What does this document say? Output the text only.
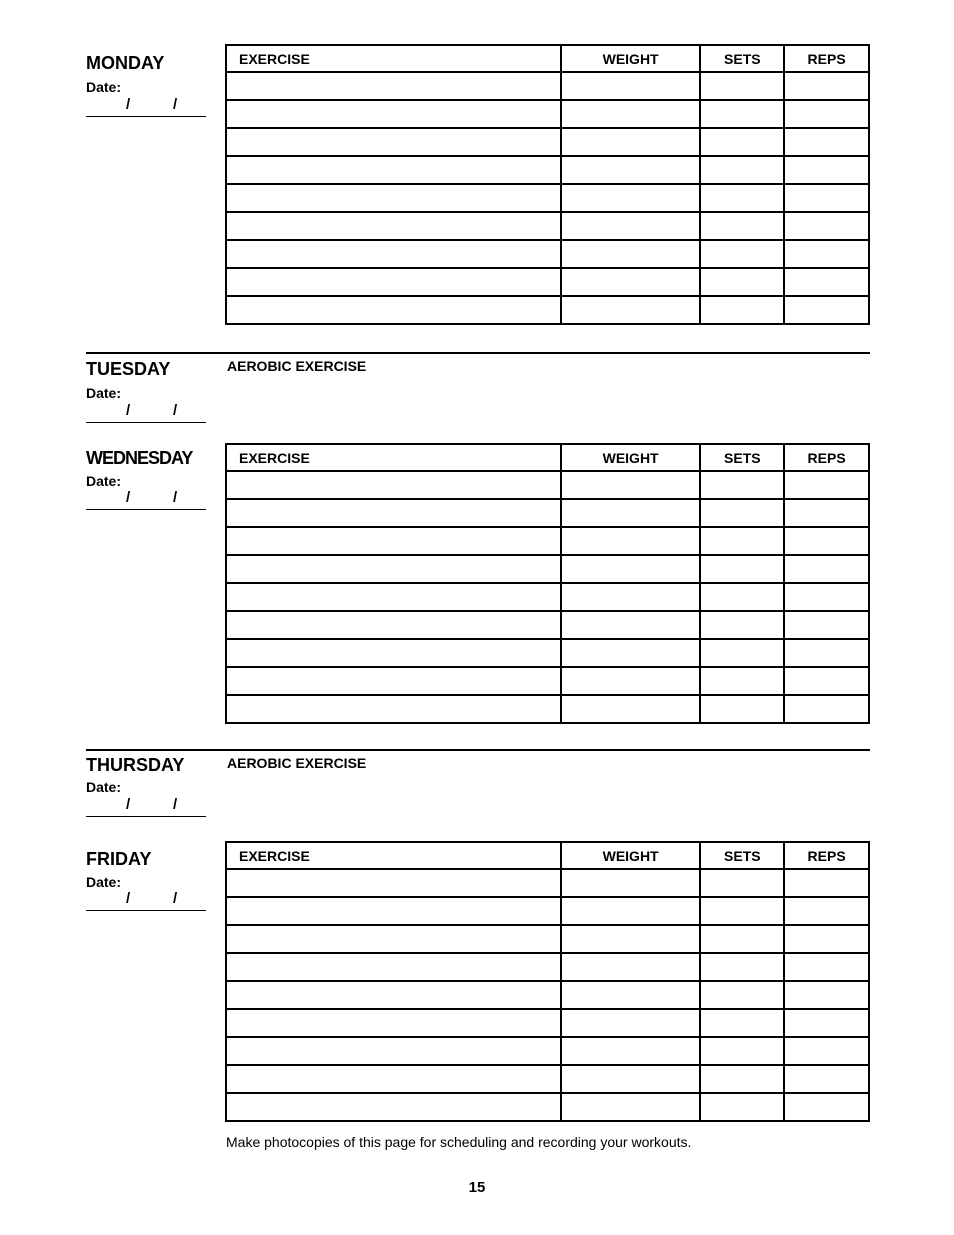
MONDAY
Date:
/	/
EXERCISE	WEIGHT	SETS	REPS

TUESDAY	AEROBIC EXERCISE
Date:
/	/
WEDNESDAY
Date:
/	/
EXERCISE	WEIGHT	SETS	REPS

THURSDAY	AEROBIC EXERCISE
Date:
/	/
FRIDAY
Date:
/	/
EXERCISE	WEIGHT	SETS	REPS

Make photocopies of this page for scheduling and recording your workouts.
15
